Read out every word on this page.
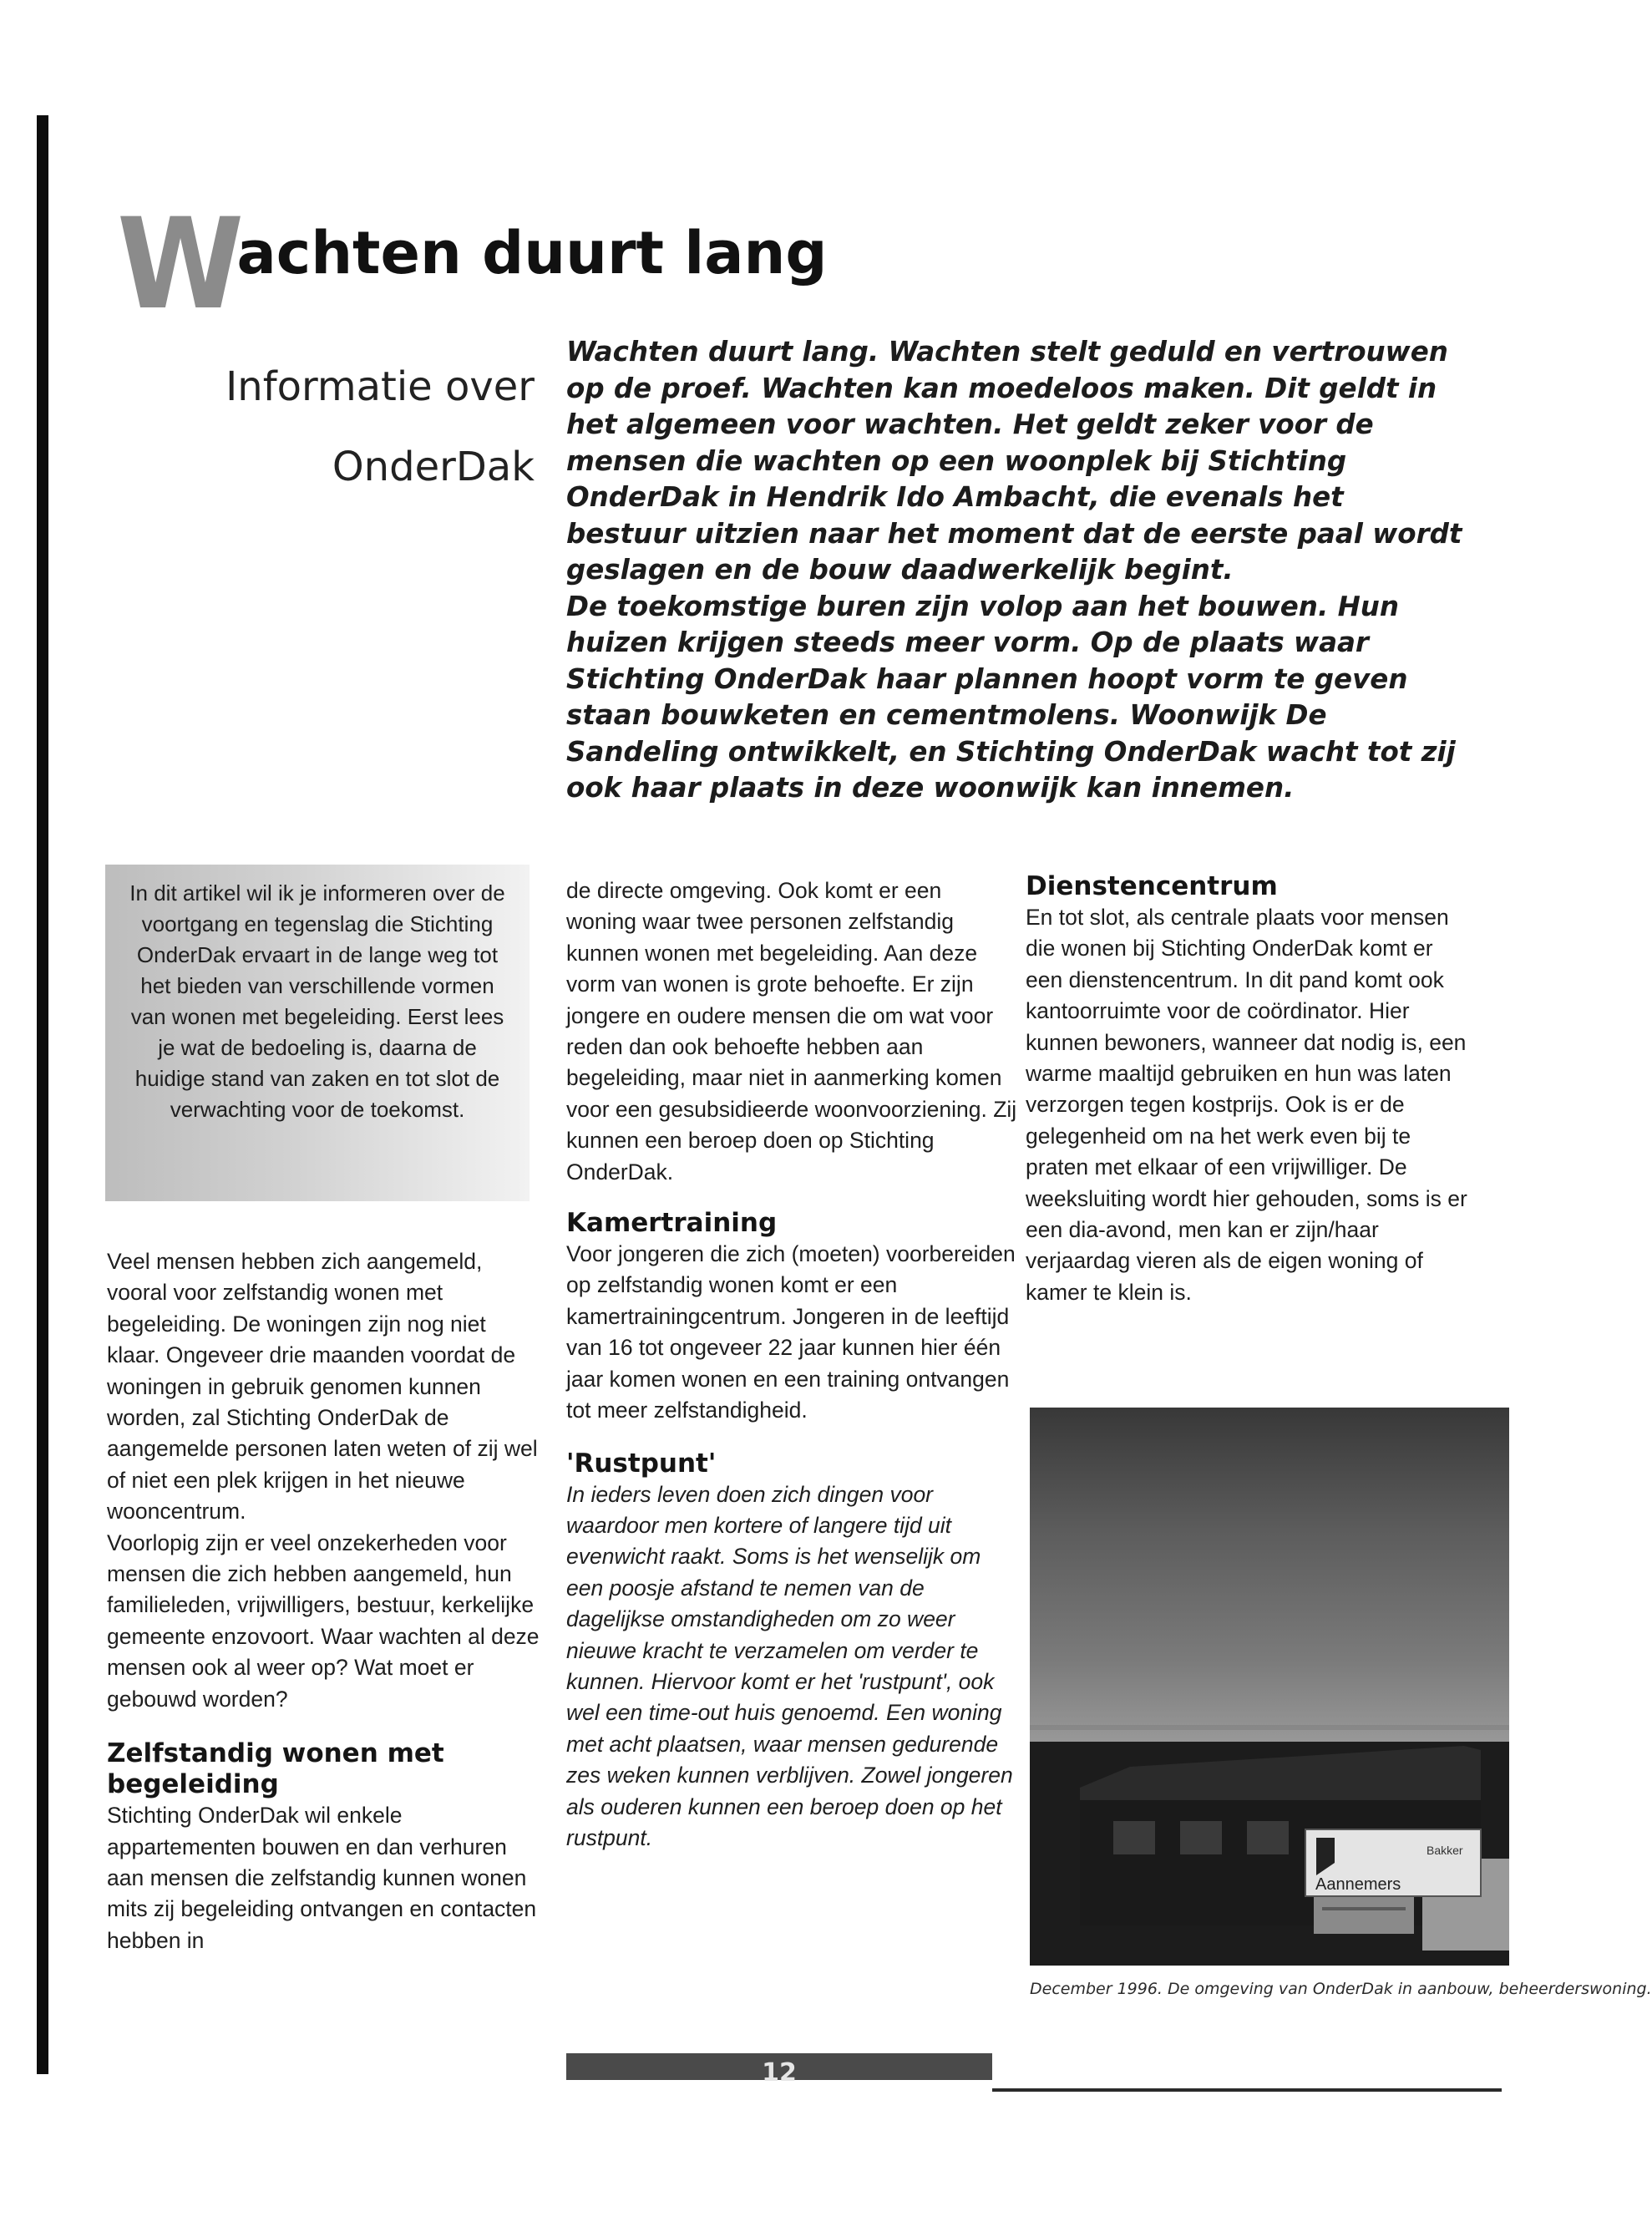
Wachten duurt lang
Informatie over
OnderDak

Wachten duurt lang. Wachten stelt geduld en vertrouwen op de proef. Wachten kan moedeloos maken. Dit geldt in het algemeen voor wachten. Het geldt zeker voor de mensen die wachten op een woonplek bij Stichting OnderDak in Hendrik Ido Ambacht, die evenals het bestuur uitzien naar het moment dat de eerste paal wordt geslagen en de bouw daadwerkelijk begint.

De toekomstige buren zijn volop aan het bouwen. Hun huizen krijgen steeds meer vorm. Op de plaats waar Stichting OnderDak haar plannen hoopt vorm te geven staan bouwketen en cementmolens. Woonwijk De Sandeling ontwikkelt, en Stichting OnderDak wacht tot zij ook haar plaats in deze woonwijk kan innemen.

In dit artikel wil ik je informeren over de voortgang en tegenslag die Stichting OnderDak ervaart in de lange weg tot het bieden van verschillende vormen van wonen met begeleiding. Eerst lees je wat de bedoeling is, daarna de huidige stand van zaken en tot slot de verwachting voor de toekomst.

Veel mensen hebben zich aangemeld, vooral voor zelfstandig wonen met begeleiding. De woningen zijn nog niet klaar. Ongeveer drie maanden voordat de woningen in gebruik genomen kunnen worden, zal Stichting OnderDak de aangemelde personen laten weten of zij wel of niet een plek krijgen in het nieuwe wooncentrum.

Voorlopig zijn er veel onzekerheden voor mensen die zich hebben aangemeld, hun familieleden, vrijwilligers, bestuur, kerkelijke gemeente enzovoort. Waar wachten al deze mensen ook al weer op? Wat moet er gebouwd worden?

Zelfstandig wonen met begeleiding

Stichting OnderDak wil enkele appartementen bouwen en dan verhuren aan mensen die zelfstandig kunnen wonen mits zij begeleiding ontvangen en contacten hebben in

de directe omgeving. Ook komt er een woning waar twee personen zelfstandig kunnen wonen met begeleiding. Aan deze vorm van wonen is grote behoefte. Er zijn jongere en oudere mensen die om wat voor reden dan ook behoefte hebben aan begeleiding, maar niet in aanmerking komen voor een gesubsidieerde woonvoorziening. Zij kunnen een beroep doen op Stichting OnderDak.

Kamertraining

Voor jongeren die zich (moeten) voorbereiden op zelfstandig wonen komt er een kamertrainingcentrum. Jongeren in de leeftijd van 16 tot ongeveer 22 jaar kunnen hier één jaar komen wonen en een training ontvangen tot meer zelfstandigheid.

'Rustpunt'

In ieders leven doen zich dingen voor waardoor men kortere of langere tijd uit evenwicht raakt. Soms is het wenselijk om een poosje afstand te nemen van de dagelijkse omstandigheden om zo weer nieuwe kracht te verzamelen om verder te kunnen. Hiervoor komt er het 'rustpunt', ook wel een time-out huis genoemd. Een woning met acht plaatsen, waar mensen gedurende zes weken kunnen verblijven. Zowel jongeren als ouderen kunnen een beroep doen op het rustpunt.

Dienstencentrum

En tot slot, als centrale plaats voor mensen die wonen bij Stichting OnderDak komt er een dienstencentrum. In dit pand komt ook kantoorruimte voor de coördinator. Hier kunnen bewoners, wanneer dat nodig is, een warme maaltijd gebruiken en hun was laten verzorgen tegen kostprijs. Ook is er de gelegenheid om na het werk even bij te praten met elkaar of een vrijwilliger. De weeksluiting wordt hier gehouden, soms is er een dia-avond, men kan er zijn/haar verjaardag vieren als de eigen woning of kamer te klein is.

Bakker
Aannemers
December 1996. De omgeving van OnderDak in aanbouw, beheerderswoning.
12
